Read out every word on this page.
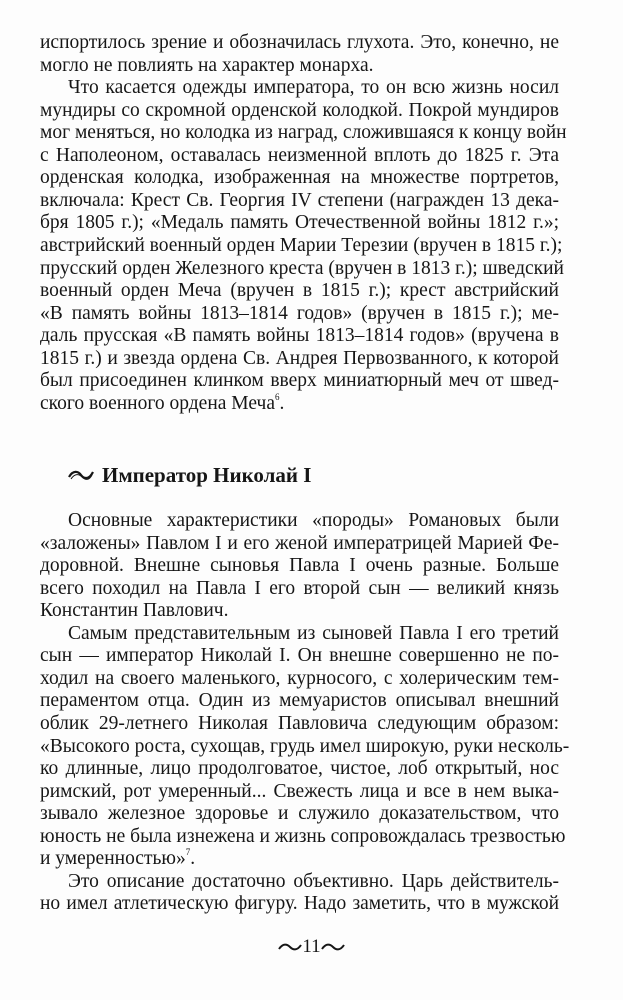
испортилось зрение и обозначилась глухота. Это, конечно, не
могло не повлиять на характер монарха.
Что касается одежды императора, то он всю жизнь носил
мундиры со скромной орденской колодкой. Покрой мундиров
мог меняться, но колодка из наград, сложившаяся к концу войн
с Наполеоном, оставалась неизменной вплоть до 1825 г. Эта
орденская колодка, изображенная на множестве портретов,
включала: Крест Св. Георгия IV степени (награжден 13 дека-
бря 1805 г.); «Медаль память Отечественной войны 1812 г.»;
австрийский военный орден Марии Терезии (вручен в 1815 г.);
прусский орден Железного креста (вручен в 1813 г.); шведский
военный орден Меча (вручен в 1815 г.); крест австрийский
«В память войны 1813–1814 годов» (вручен в 1815 г.); ме-
даль прусская «В память войны 1813–1814 годов» (вручена в
1815 г.) и звезда ордена Св. Андрея Первозванного, к которой
был присоединен клинком вверх миниатюрный меч от швед-
ского военного ордена Меча$^6$.
Основные характеристики «породы» Романовых были
«заложены» Павлом I и его женой императрицей Марией Фе-
доровной. Внешне сыновья Павла I очень разные. Больше
всего походил на Павла I его второй сын — великий князь
Константин Павлович.
Самым представительным из сыновей Павла I его третий
сын — император Николай I. Он внешне совершенно не по-
ходил на своего маленького, курносого, с холерическим тем-
пераментом отца. Один из мемуаристов описывал внешний
облик 29-летнего Николая Павловича следующим образом:
«Высокого роста, сухощав, грудь имел широкую, руки несколь-
ко длинные, лицо продолговатое, чистое, лоб открытый, нос
римский, рот умеренный... Свежесть лица и все в нем выка-
зывало железное здоровье и служило доказательством, что
юность не была изнежена и жизнь сопровождалась трезвостью
и умеренностью»$^7$.
Это описание достаточно объективно. Царь действитель-
но имел атлетическую фигуру. Надо заметить, что в мужской
Император Николай I
11
